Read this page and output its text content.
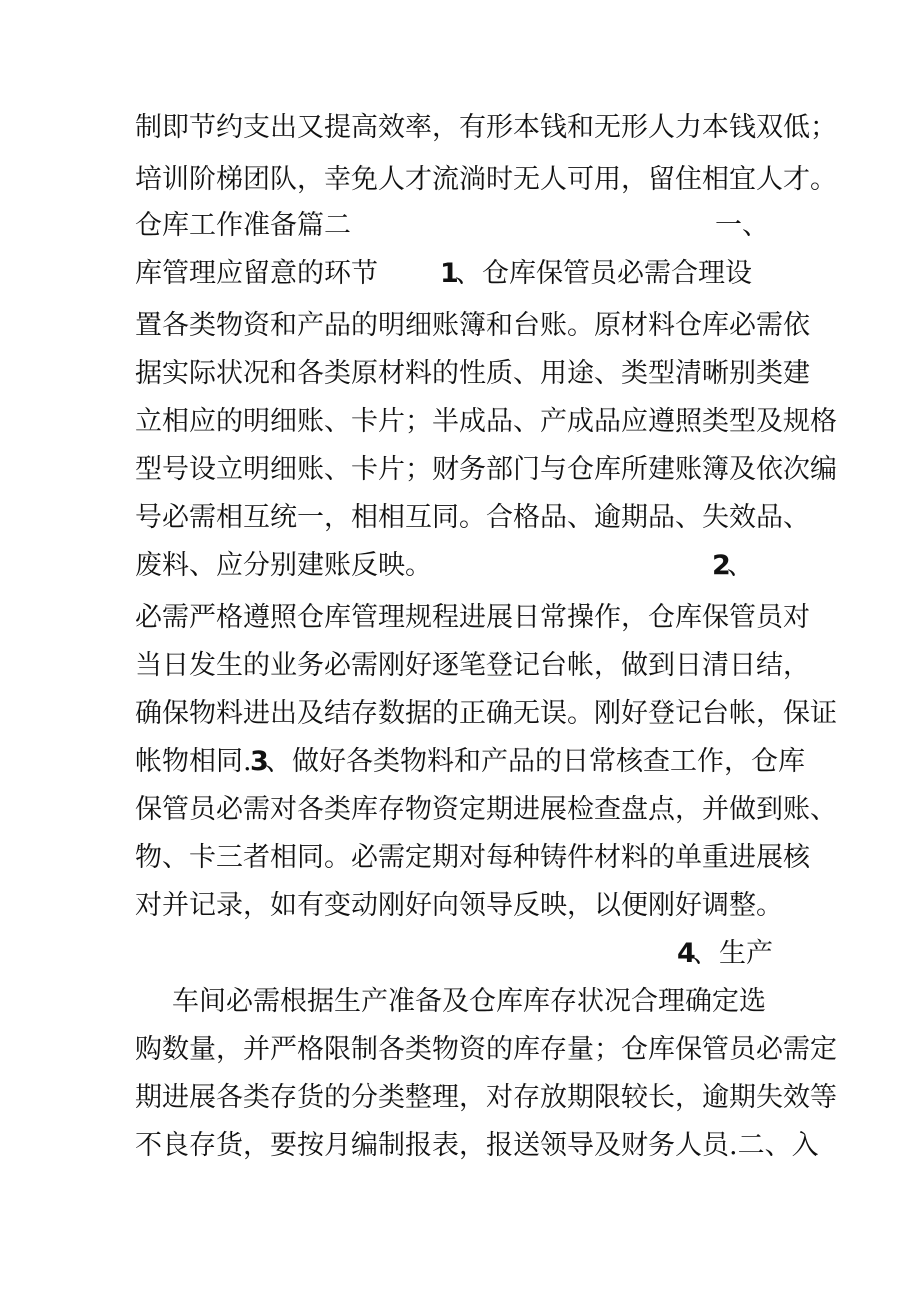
制即节约支出又提高效率，有形本钱和无形人力本钱双低；
培训阶梯团队，幸免人才流淌时无人可用，留住相宜人才。
仓库工作准备篇二	一、
库管理应留意的环节 1
、仓库保管员必需合理设
置各类物资和产品的明细账簿和台账。原材料仓库必需依
据实际状况和各类原材料的性质、用途、类型清晰别类建
立相应的明细账、卡片；半成品、产成品应遵照类型及规格
型号设立明细账、卡片；财务部门与仓库所建账簿及依次编
号必需相互统一，相相互同。合格品、逾期品、失效品、
废料、应分别建账反映。	2
、
必需严格遵照仓库管理规程进展日常操作，仓库保管员对
当日发生的业务必需刚好逐笔登记台帐，做到日清日结，
确保物料进出及结存数据的正确无误。刚好登记台帐，保证
帐物相同.
3
、做好各类物料和产品的日常核查工作，仓库
保管员必需对各类库存物资定期进展检查盘点，并做到账、
物、卡三者相同。必需定期对每种铸件材料的单重进展核
对并记录，如有变动刚好向领导反映，以便刚好调整。
4
、生产
车间必需根据生产准备及仓库库存状况合理确定选
购数量，并严格限制各类物资的库存量；仓库保管员必需定
期进展各类存货的分类整理，对存放期限较长，逾期失效等
不良存货，要按月编制报表，报送领导及财务人员.二、入
